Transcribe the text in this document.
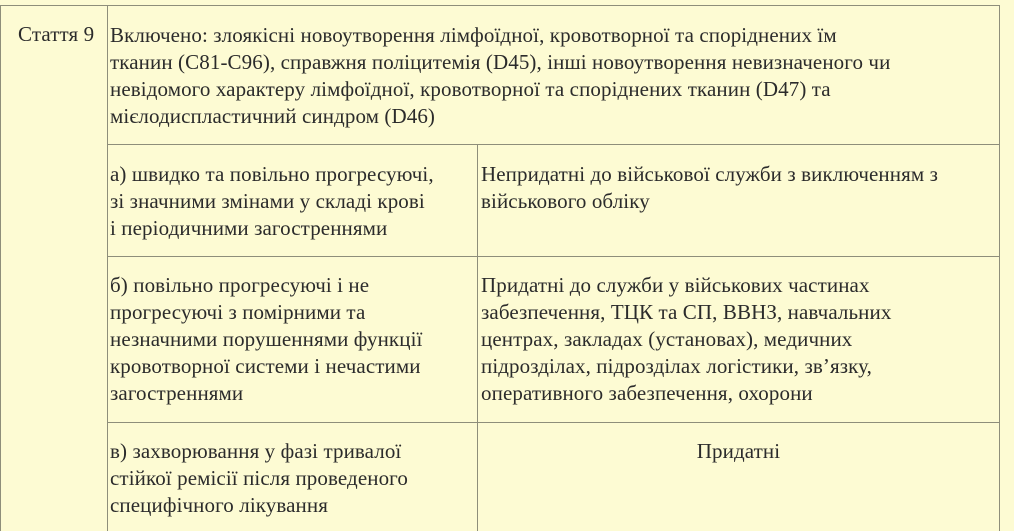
Стаття 9 Включено: злоякісні новоутворення лімфоїдної, кровотворної та споріднених їм
тканин (С81-С96), справжня поліцитемія (D45), інші новоутворення невизначеного чи
невідомого характеру лімфоїдної, кровотворної та споріднених тканин (D47) та
мієлодиспластичний синдром (D46)
а) швидко та повільно прогресуючі,
зі значними змінами у складі крові
і періодичними загостреннями
Непридатні до військової служби з виключенням з
військового обліку
б) повільно прогресуючі і не
прогресуючі з помірними та
незначними порушеннями функції
кровотворної системи і нечастими
загостреннями
Придатні до служби у військових частинах
забезпечення, ТЦК та СП, ВВНЗ, навчальних
центрах, закладах (установах), медичних
підрозділах, підрозділах логістики, зв’язку,
оперативного забезпечення, охорони
в) захворювання у фазі тривалої
стійкої ремісії після проведеного
специфічного лікування
Придатні
